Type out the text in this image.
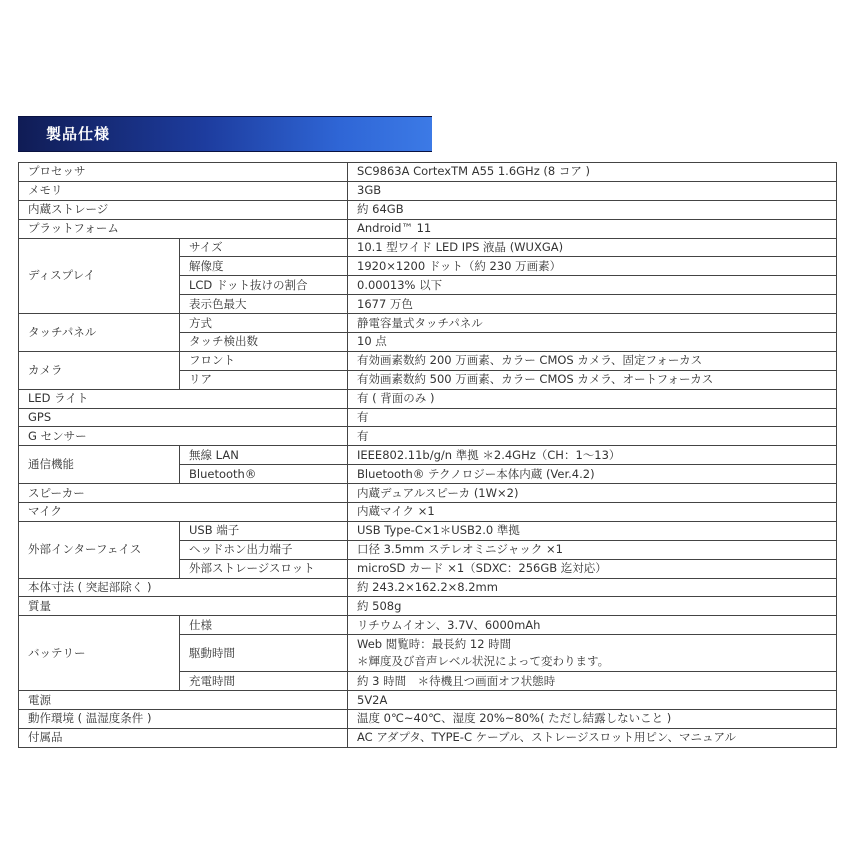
製品仕様
プロセッサ		SC9863A CortexTM A55 1.6GHz (8 コア )
メモリ		3GB
内蔵ストレージ		約 64GB
プラットフォーム		Android™ 11
ディスプレイ	サイズ	10.1 型ワイド LED IPS 液晶 (WUXGA)
	解像度	1920×1200 ドット（約 230 万画素）
	LCD ドット抜けの割合	0.00013% 以下
	表示色最大	1677 万色
タッチパネル	方式	静電容量式タッチパネル
	タッチ検出数	10 点
カメラ	フロント	有効画素数約 200 万画素、カラー CMOS カメラ、固定フォーカス
	リア	有効画素数約 500 万画素、カラー CMOS カメラ、オートフォーカス
LED ライト		有 ( 背面のみ )
GPS		有
G センサー		有
通信機能	無線 LAN	IEEE802.11b/g/n 準拠 ＊2.4GHz（CH：1～13）
	Bluetooth®	Bluetooth® テクノロジー本体内蔵 (Ver.4.2)
スピーカー		内蔵デュアルスピーカ (1W×2)
マイク		内蔵マイク ×1
外部インターフェイス	USB 端子	USB Type-C×1＊USB2.0 準拠
	ヘッドホン出力端子	口径 3.5mm ステレオミニジャック ×1
	外部ストレージスロット	microSD カード ×1（SDXC：256GB 迄対応）
本体寸法 ( 突起部除く )		約 243.2×162.2×8.2mm
質量		約 508g
バッテリー	仕様	リチウムイオン、3.7V、6000mAh
	駆動時間	Web 閲覧時：最長約 12 時間
＊輝度及び音声レベル状況によって変わります。

	充電時間	約 3 時間　＊待機且つ画面オフ状態時
電源		5V2A
動作環境 ( 温湿度条件 )		温度 0℃~40℃、湿度 20%~80%( ただし結露しないこと )
付属品		AC アダプタ、TYPE-C ケーブル、ストレージスロット用ピン、マニュアル
